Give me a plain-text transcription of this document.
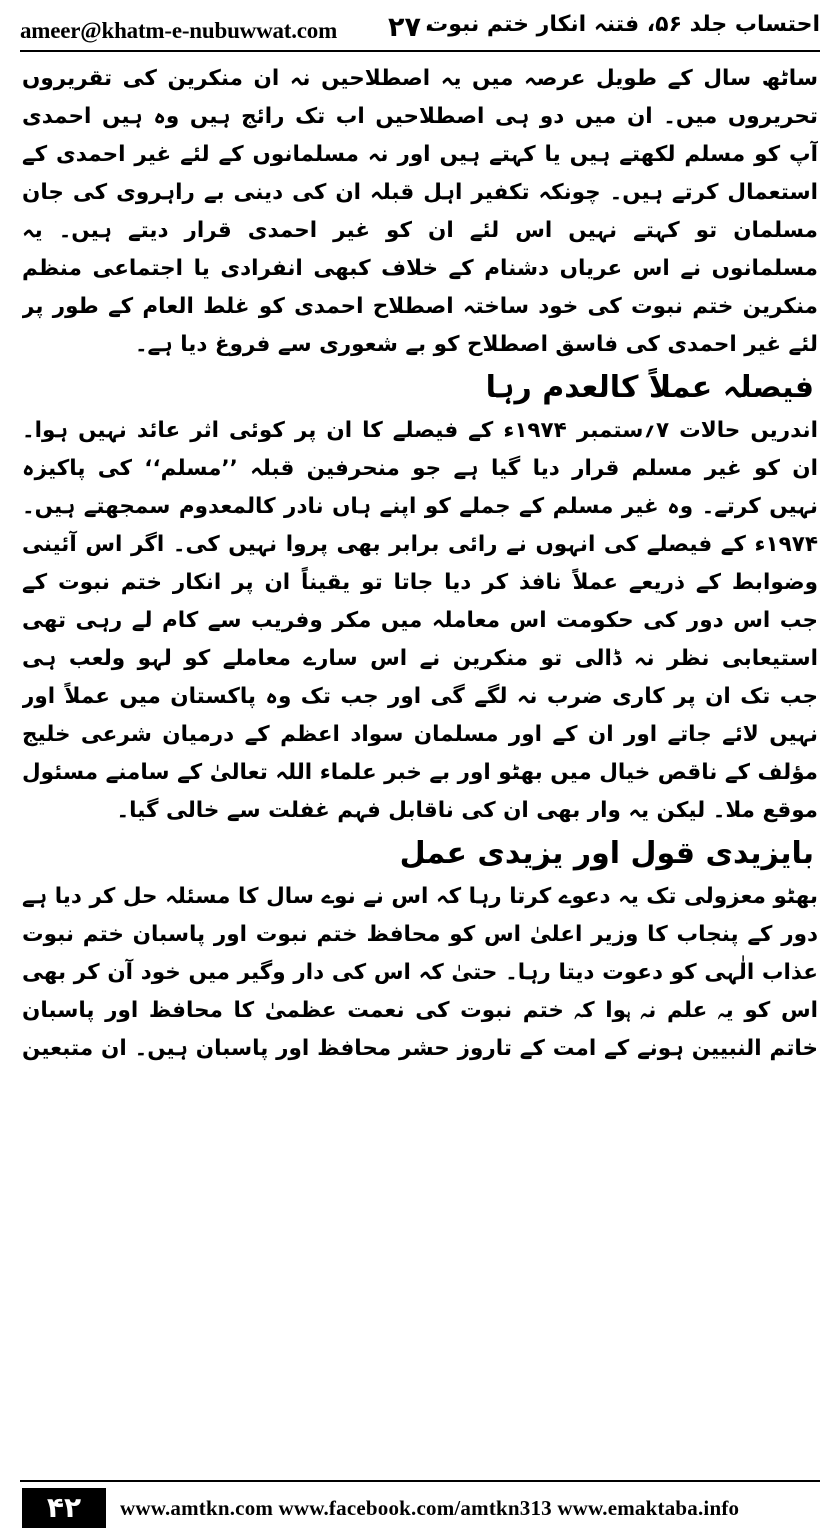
ameer@khatm-e-nubuwwat.com ۲۷۰
احتساب جلد ۵۶، فتنہ انکار ختم نبوت
ساٹھ سال کے طویل عرصہ میں یہ اصطلاحیں نہ ان منکرین کی تقریروں
تحریروں میں۔ ان میں دو ہی اصطلاحیں اب تک رائج ہیں وہ ہیں احمدی
آپ کو مسلم لکھتے ہیں یا کہتے ہیں اور نہ مسلمانوں کے لئے غیر احمدی کے
استعمال کرتے ہیں۔ چونکہ تکفیر اہل قبلہ ان کی دینی بے راہروی کی جان
مسلمان تو کہتے نہیں اس لئے ان کو غیر احمدی قرار دیتے ہیں۔ یہ
مسلمانوں نے اس عریاں دشنام کے خلاف کبھی انفرادی یا اجتماعی منظم
منکرین ختم نبوت کی خود ساختہ اصطلاح احمدی کو غلط العام کے طور پر
لئے غیر احمدی کی فاسق اصطلاح کو بے شعوری سے فروغ دیا ہے۔
فیصلہ عملاً کالعدم رہا
اندریں حالات ۷؍ستمبر ۱۹۷۴ء کے فیصلے کا ان پر کوئی اثر عائد نہیں ہوا۔
ان کو غیر مسلم قرار دیا گیا ہے جو منحرفین قبلہ ’’مسلم‘‘ کی پاکیزہ
نہیں کرتے۔ وہ غیر مسلم کے جملے کو اپنے ہاں نادر کالمعدوم سمجھتے ہیں۔
۱۹۷۴ء کے فیصلے کی انہوں نے رائی برابر بھی پروا نہیں کی۔ اگر اس آئینی
وضوابط کے ذریعے عملاً نافذ کر دیا جاتا تو یقیناً ان پر انکار ختم نبوت کے
جب اس دور کی حکومت اس معاملہ میں مکر وفریب سے کام لے رہی تھی
استیعابی نظر نہ ڈالی تو منکرین نے اس سارے معاملے کو لہو ولعب ہی
جب تک ان پر کاری ضرب نہ لگے گی اور جب تک وہ پاکستان میں عملاً اور
نہیں لائے جاتے اور ان کے اور مسلمان سواد اعظم کے درمیان شرعی خلیج
مؤلف کے ناقص خیال میں بھٹو اور بے خبر علماء اللہ تعالیٰ کے سامنے مسئول
موقع ملا۔ لیکن یہ وار بھی ان کی ناقابل فہم غفلت سے خالی گیا۔
بایزیدی قول اور یزیدی عمل
بھٹو معزولی تک یہ دعوے کرتا رہا کہ اس نے نوے سال کا مسئلہ حل کر دیا ہے
دور کے پنجاب کا وزیر اعلیٰ اس کو محافظ ختم نبوت اور پاسبان ختم نبوت
عذاب الٰہی کو دعوت دیتا رہا۔ حتیٰ کہ اس کی دار وگیر میں خود آن کر بھی
اس کو یہ علم نہ ہوا کہ ختم نبوت کی نعمت عظمیٰ کا محافظ اور پاسبان
خاتم النبیین ہونے کے امت کے تاروز حشر محافظ اور پاسبان ہیں۔ ان متبعین
۴۲	www.amtkn.com www.facebook.com/amtkn313 www.emaktaba.info
